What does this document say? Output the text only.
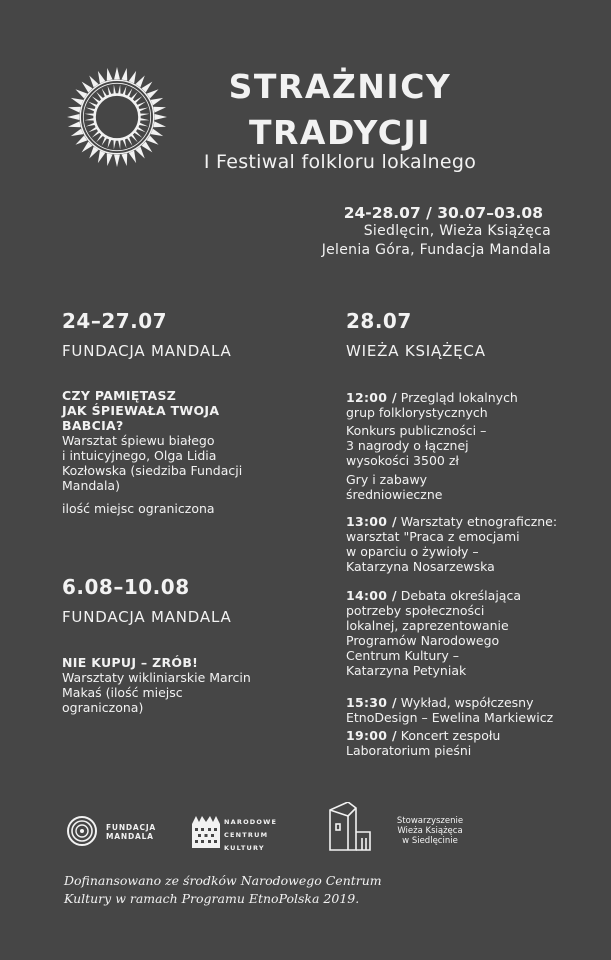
STRAŻNICY
TRADYCJI
I Festiwal folkloru lokalnego
24-28.07 / 30.07–03.08
Siedlęcin, Wieża Książęca
Jelenia Góra, Fundacja Mandala
24–27.07
FUNDACJA MANDALA
CZY PAMIĘTASZ
JAK ŚPIEWAŁA TWOJA
BABCIA?
Warsztat śpiewu białego
i intuicyjnego, Olga Lidia
Kozłowska (siedziba Fundacji
Mandala)
ilość miejsc ograniczona
6.08–10.08
FUNDACJA MANDALA
NIE KUPUJ – ZRÓB!
Warsztaty wikliniarskie Marcin
Makaś (ilość miejsc
ograniczona)
28.07
WIEŻA KSIĄŻĘCA
12:00 / Przegląd lokalnych
grup folklorystycznych
Konkurs publiczności –
3 nagrody o łącznej
wysokości 3500 zł
Gry i zabawy
średniowieczne
13:00 / Warsztaty etnograficzne:
warsztat "Praca z emocjami
w oparciu o żywioły –
Katarzyna Nosarzewska
14:00 / Debata określająca
potrzeby społeczności
lokalnej, zaprezentowanie
Programów Narodowego
Centrum Kultury –
Katarzyna Petyniak
15:30 / Wykład, współczesny
EtnoDesign – Ewelina Markiewicz
19:00 / Koncert zespołu
Laboratorium pieśni
FUNDACJA
MANDALA
NARODOWE
CENTRUM
KULTURY
Stowarzyszenie
Wieża Książęca
w Siedlęcinie
Dofinansowano ze środków Narodowego Centrum
Kultury w ramach Programu EtnoPolska 2019.
